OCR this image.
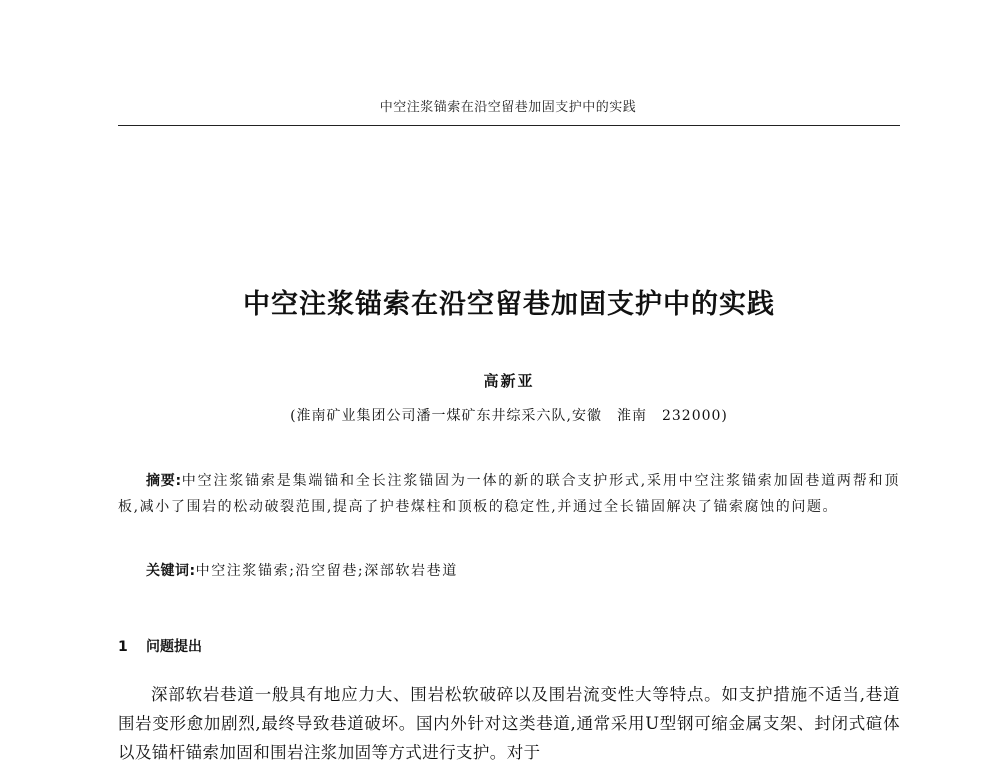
中空注浆锚索在沿空留巷加固支护中的实践
中空注浆锚索在沿空留巷加固支护中的实践
高新亚
(淮南矿业集团公司潘一煤矿东井综采六队,安徽　淮南　232000)
摘要:中空注浆锚索是集端锚和全长注浆锚固为一体的新的联合支护形式,采用中空注浆锚索加固巷道两帮和顶板,减小了围岩的松动破裂范围,提高了护巷煤柱和顶板的稳定性,并通过全长锚固解决了锚索腐蚀的问题。
关键词:中空注浆锚索;沿空留巷;深部软岩巷道
1 问题提出
深部软岩巷道一般具有地应力大、围岩松软破碎以及围岩流变性大等特点。如支护措施不适当,巷道围岩变形愈加剧烈,最终导致巷道破坏。国内外针对这类巷道,通常采用U型钢可缩金属支架、封闭式碹体以及锚杆锚索加固和围岩注浆加固等方式进行支护。对于
